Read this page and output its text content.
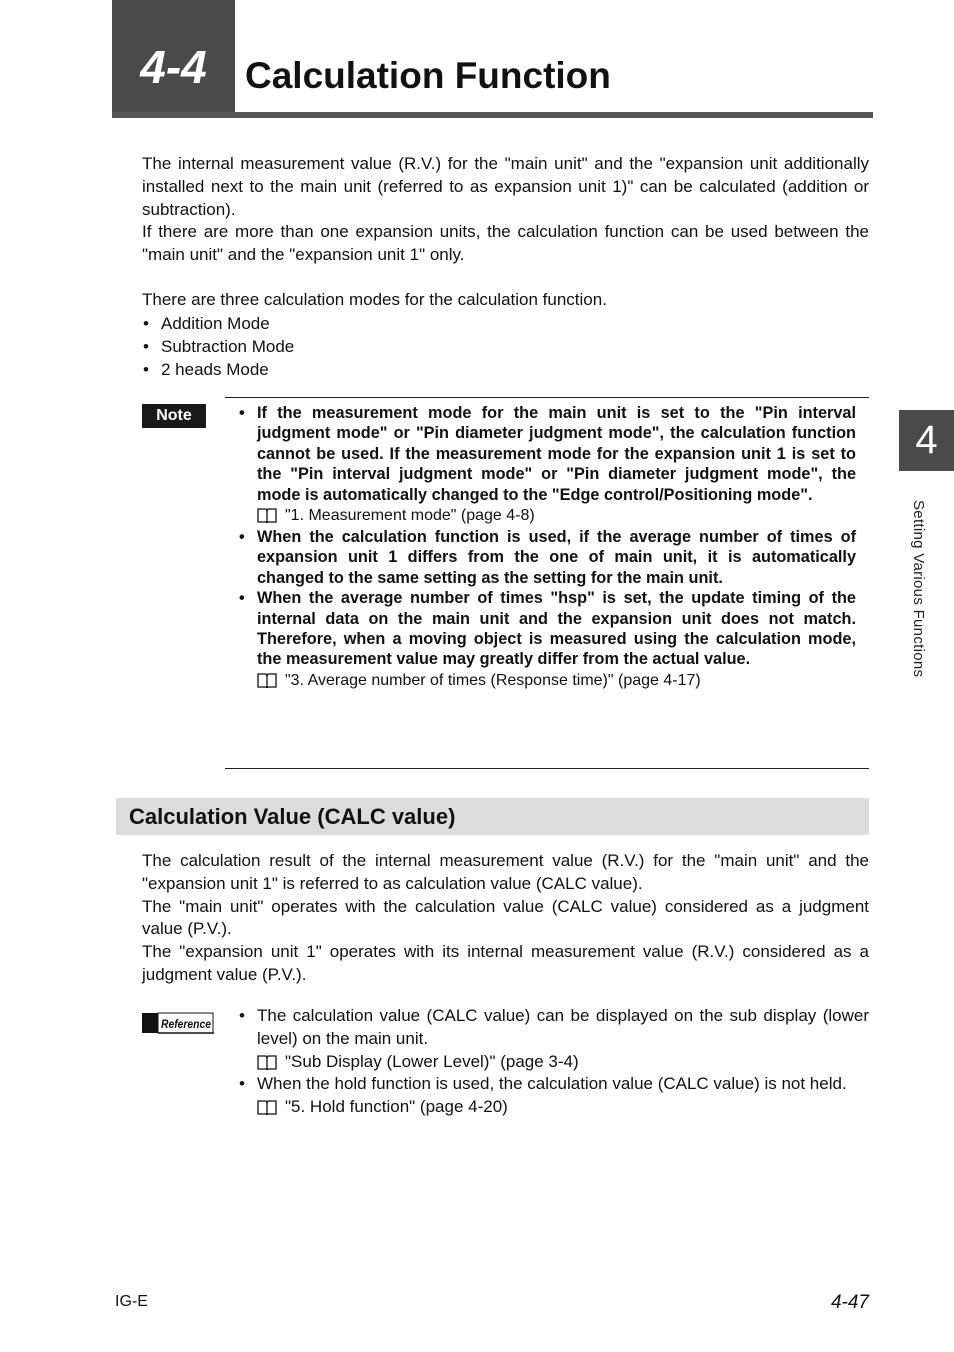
4-4	Calculation Function

The internal measurement value (R.V.) for the "main unit" and the "expansion unit additionally installed next to the main unit (referred to as expansion unit 1)" can be calculated (addition or subtraction).

If there are more than one expansion units, the calculation function can be used between the "main unit" and the "expansion unit 1" only.

There are three calculation modes for the calculation function.
• Addition Mode
• Subtraction Mode
• 2 heads Mode
Note	• If the measurement mode for the main unit is set to the "Pin interval judgment mode" or "Pin diameter judgment mode", the calculation function cannot be used. If the measurement mode for the expansion unit 1 is set to the "Pin interval judgment mode" or "Pin diameter judgment mode", the mode is automatically changed to the "Edge control/Positioning mode".
"1. Measurement mode" (page 4-8)
• When the calculation function is used, if the average number of times of expansion unit 1 differs from the one of main unit, it is automatically changed to the same setting as the setting for the main unit.
• When the average number of times "hsp" is set, the update timing of the internal data on the main unit and the expansion unit does not match. Therefore, when a moving object is measured using the calculation mode, the measurement value may greatly differ from the actual value.
"3. Average number of times (Response time)" (page 4-17)
Calculation Value (CALC value)

The calculation result of the internal measurement value (R.V.) for the "main unit" and the "expansion unit 1" is referred to as calculation value (CALC value).

The "main unit" operates with the calculation value (CALC value) considered as a judgment value (P.V.).

The "expansion unit 1" operates with its internal measurement value (R.V.) considered as a judgment value (P.V.).

Reference	• The calculation value (CALC value) can be displayed on the sub display (lower level) on the main unit.
"Sub Display (Lower Level)" (page 3-4)
• When the hold function is used, the calculation value (CALC value) is not held.
"5. Hold function" (page 4-20)
4
Setting Various Functions
IG-E	4-47
